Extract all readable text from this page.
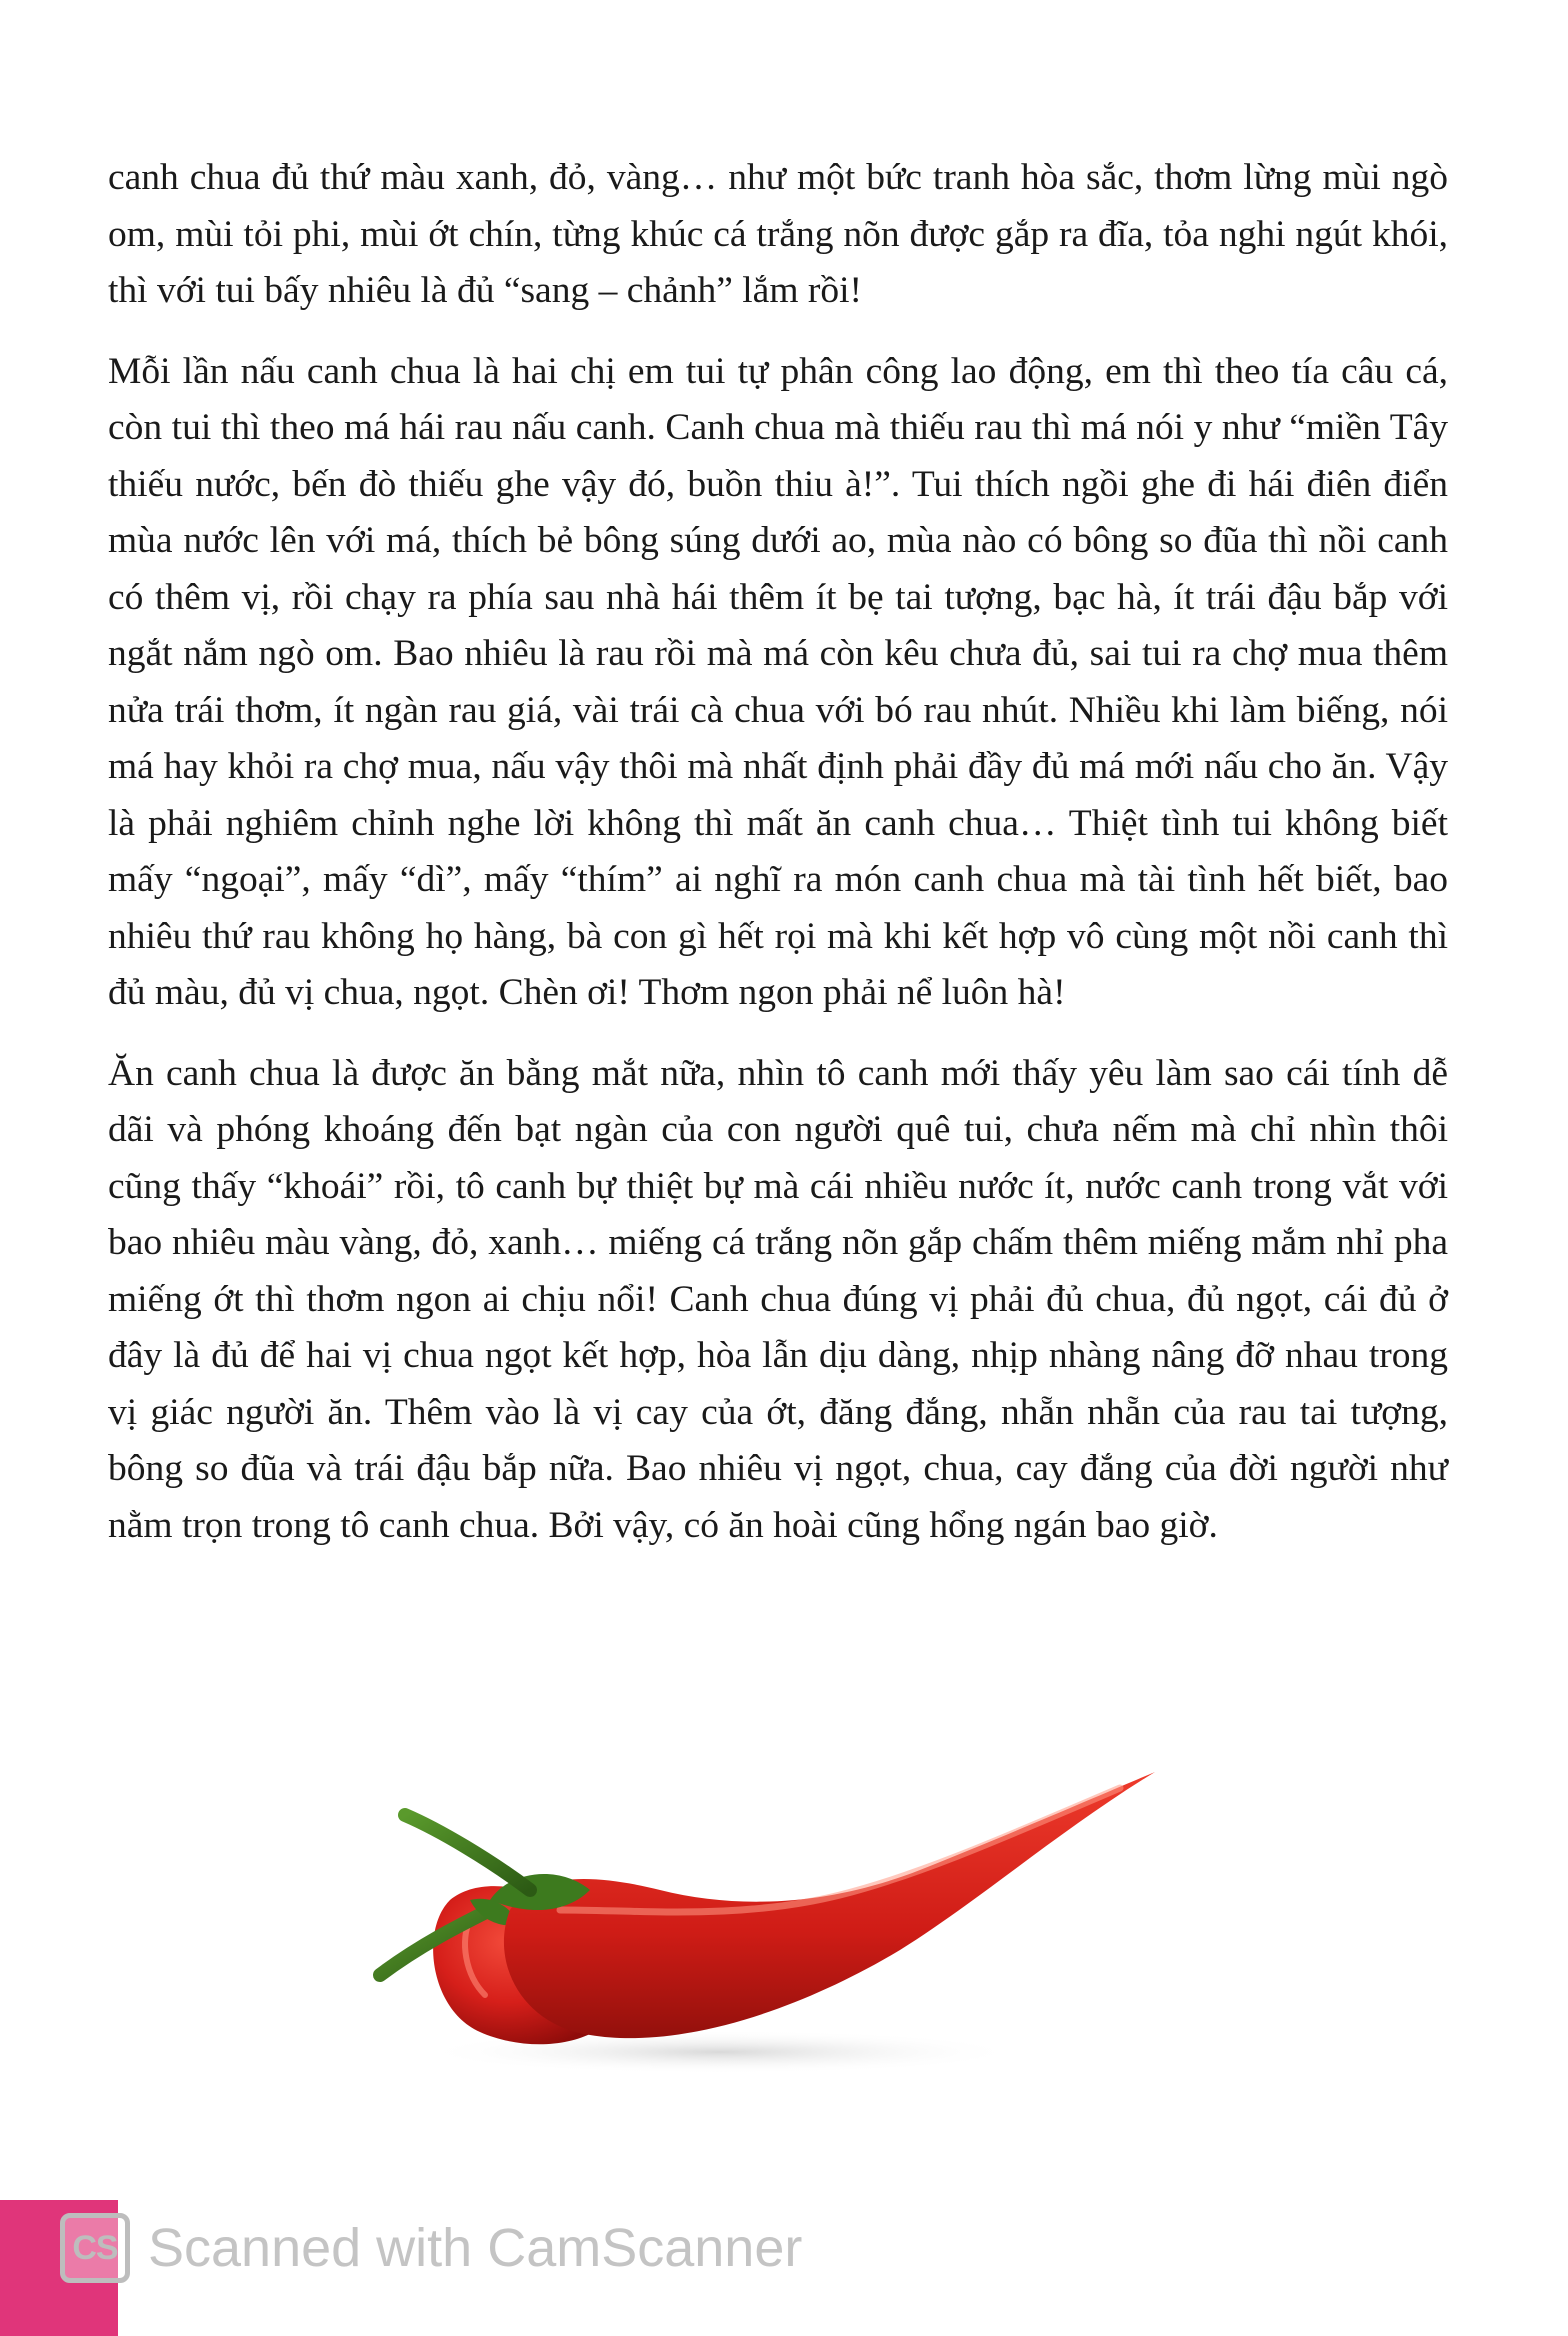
canh chua đủ thứ màu xanh, đỏ, vàng… như một bức tranh hòa sắc, thơm lừng mùi ngò om, mùi tỏi phi, mùi ớt chín, từng khúc cá trắng nõn được gắp ra đĩa, tỏa nghi ngút khói, thì với tui bấy nhiêu là đủ “sang – chảnh” lắm rồi!

Mỗi lần nấu canh chua là hai chị em tui tự phân công lao động, em thì theo tía câu cá, còn tui thì theo má hái rau nấu canh. Canh chua mà thiếu rau thì má nói y như “miền Tây thiếu nước, bến đò thiếu ghe vậy đó, buồn thiu à!”. Tui thích ngồi ghe đi hái điên điển mùa nước lên với má, thích bẻ bông súng dưới ao, mùa nào có bông so đũa thì nồi canh có thêm vị, rồi chạy ra phía sau nhà hái thêm ít bẹ tai tượng, bạc hà, ít trái đậu bắp với ngắt nắm ngò om. Bao nhiêu là rau rồi mà má còn kêu chưa đủ, sai tui ra chợ mua thêm nửa trái thơm, ít ngàn rau giá, vài trái cà chua với bó rau nhút. Nhiều khi làm biếng, nói má hay khỏi ra chợ mua, nấu vậy thôi mà nhất định phải đầy đủ má mới nấu cho ăn. Vậy là phải nghiêm chỉnh nghe lời không thì mất ăn canh chua… Thiệt tình tui không biết mấy “ngoại”, mấy “dì”, mấy “thím” ai nghĩ ra món canh chua mà tài tình hết biết, bao nhiêu thứ rau không họ hàng, bà con gì hết rọi mà khi kết hợp vô cùng một nồi canh thì đủ màu, đủ vị chua, ngọt. Chèn ơi! Thơm ngon phải nể luôn hà!

Ăn canh chua là được ăn bằng mắt nữa, nhìn tô canh mới thấy yêu làm sao cái tính dễ dãi và phóng khoáng đến bạt ngàn của con người quê tui, chưa nếm mà chỉ nhìn thôi cũng thấy “khoái” rồi, tô canh bự thiệt bự mà cái nhiều nước ít, nước canh trong vắt với bao nhiêu màu vàng, đỏ, xanh… miếng cá trắng nõn gắp chấm thêm miếng mắm nhỉ pha miếng ớt thì thơm ngon ai chịu nổi! Canh chua đúng vị phải đủ chua, đủ ngọt, cái đủ ở đây là đủ để hai vị chua ngọt kết hợp, hòa lẫn dịu dàng, nhịp nhàng nâng đỡ nhau trong vị giác người ăn. Thêm vào là vị cay của ớt, đăng đắng, nhẵn nhẵn của rau tai tượng, bông so đũa và trái đậu bắp nữa. Bao nhiêu vị ngọt, chua, cay đắng của đời người như nằm trọn trong tô canh chua. Bởi vậy, có ăn hoài cũng hổng ngán bao giờ.

CS Scanned with CamScanner
